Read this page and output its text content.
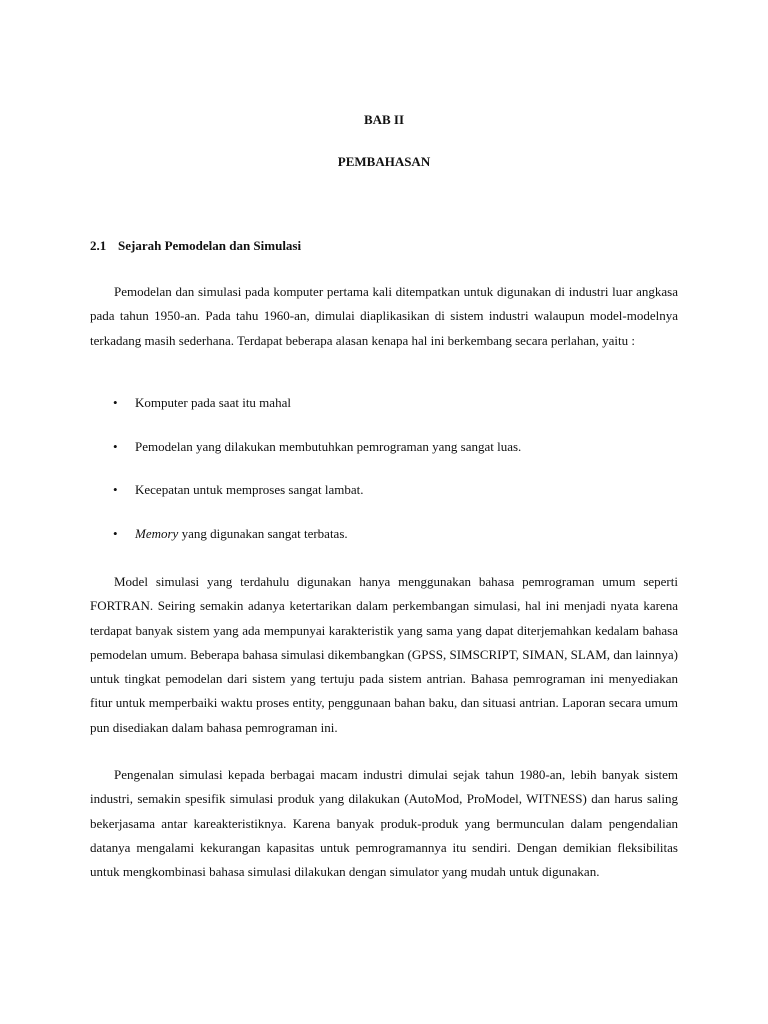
BAB II
PEMBAHASAN
2.1 Sejarah Pemodelan dan Simulasi

Pemodelan dan simulasi pada komputer pertama kali ditempatkan untuk digunakan di industri luar angkasa pada tahun 1950-an. Pada tahu 1960-an, dimulai diaplikasikan di sistem industri walaupun model-modelnya terkadang masih sederhana. Terdapat beberapa alasan kenapa hal ini berkembang secara perlahan, yaitu :

• Komputer pada saat itu mahal
• Pemodelan yang dilakukan membutuhkan pemrograman yang sangat luas.
• Kecepatan untuk memproses sangat lambat.
• Memory yang digunakan sangat terbatas.

Model simulasi yang terdahulu digunakan hanya menggunakan bahasa pemrograman umum seperti FORTRAN. Seiring semakin adanya ketertarikan dalam perkembangan simulasi, hal ini menjadi nyata karena terdapat banyak sistem yang ada mempunyai karakteristik yang sama yang dapat diterjemahkan kedalam bahasa pemodelan umum. Beberapa bahasa simulasi dikembangkan (GPSS, SIMSCRIPT, SIMAN, SLAM, dan lainnya) untuk tingkat pemodelan dari sistem yang tertuju pada sistem antrian. Bahasa pemrograman ini menyediakan fitur untuk memperbaiki waktu proses entity, penggunaan bahan baku, dan situasi antrian. Laporan secara umum pun disediakan dalam bahasa pemrograman ini.

Pengenalan simulasi kepada berbagai macam industri dimulai sejak tahun 1980-an, lebih banyak sistem industri, semakin spesifik simulasi produk yang dilakukan (AutoMod, ProModel, WITNESS) dan harus saling bekerjasama antar kareakteristiknya. Karena banyak produk-produk yang bermunculan dalam pengendalian datanya mengalami kekurangan kapasitas untuk pemrogramannya itu sendiri. Dengan demikian fleksibilitas untuk mengkombinasi bahasa simulasi dilakukan dengan simulator yang mudah untuk digunakan.
